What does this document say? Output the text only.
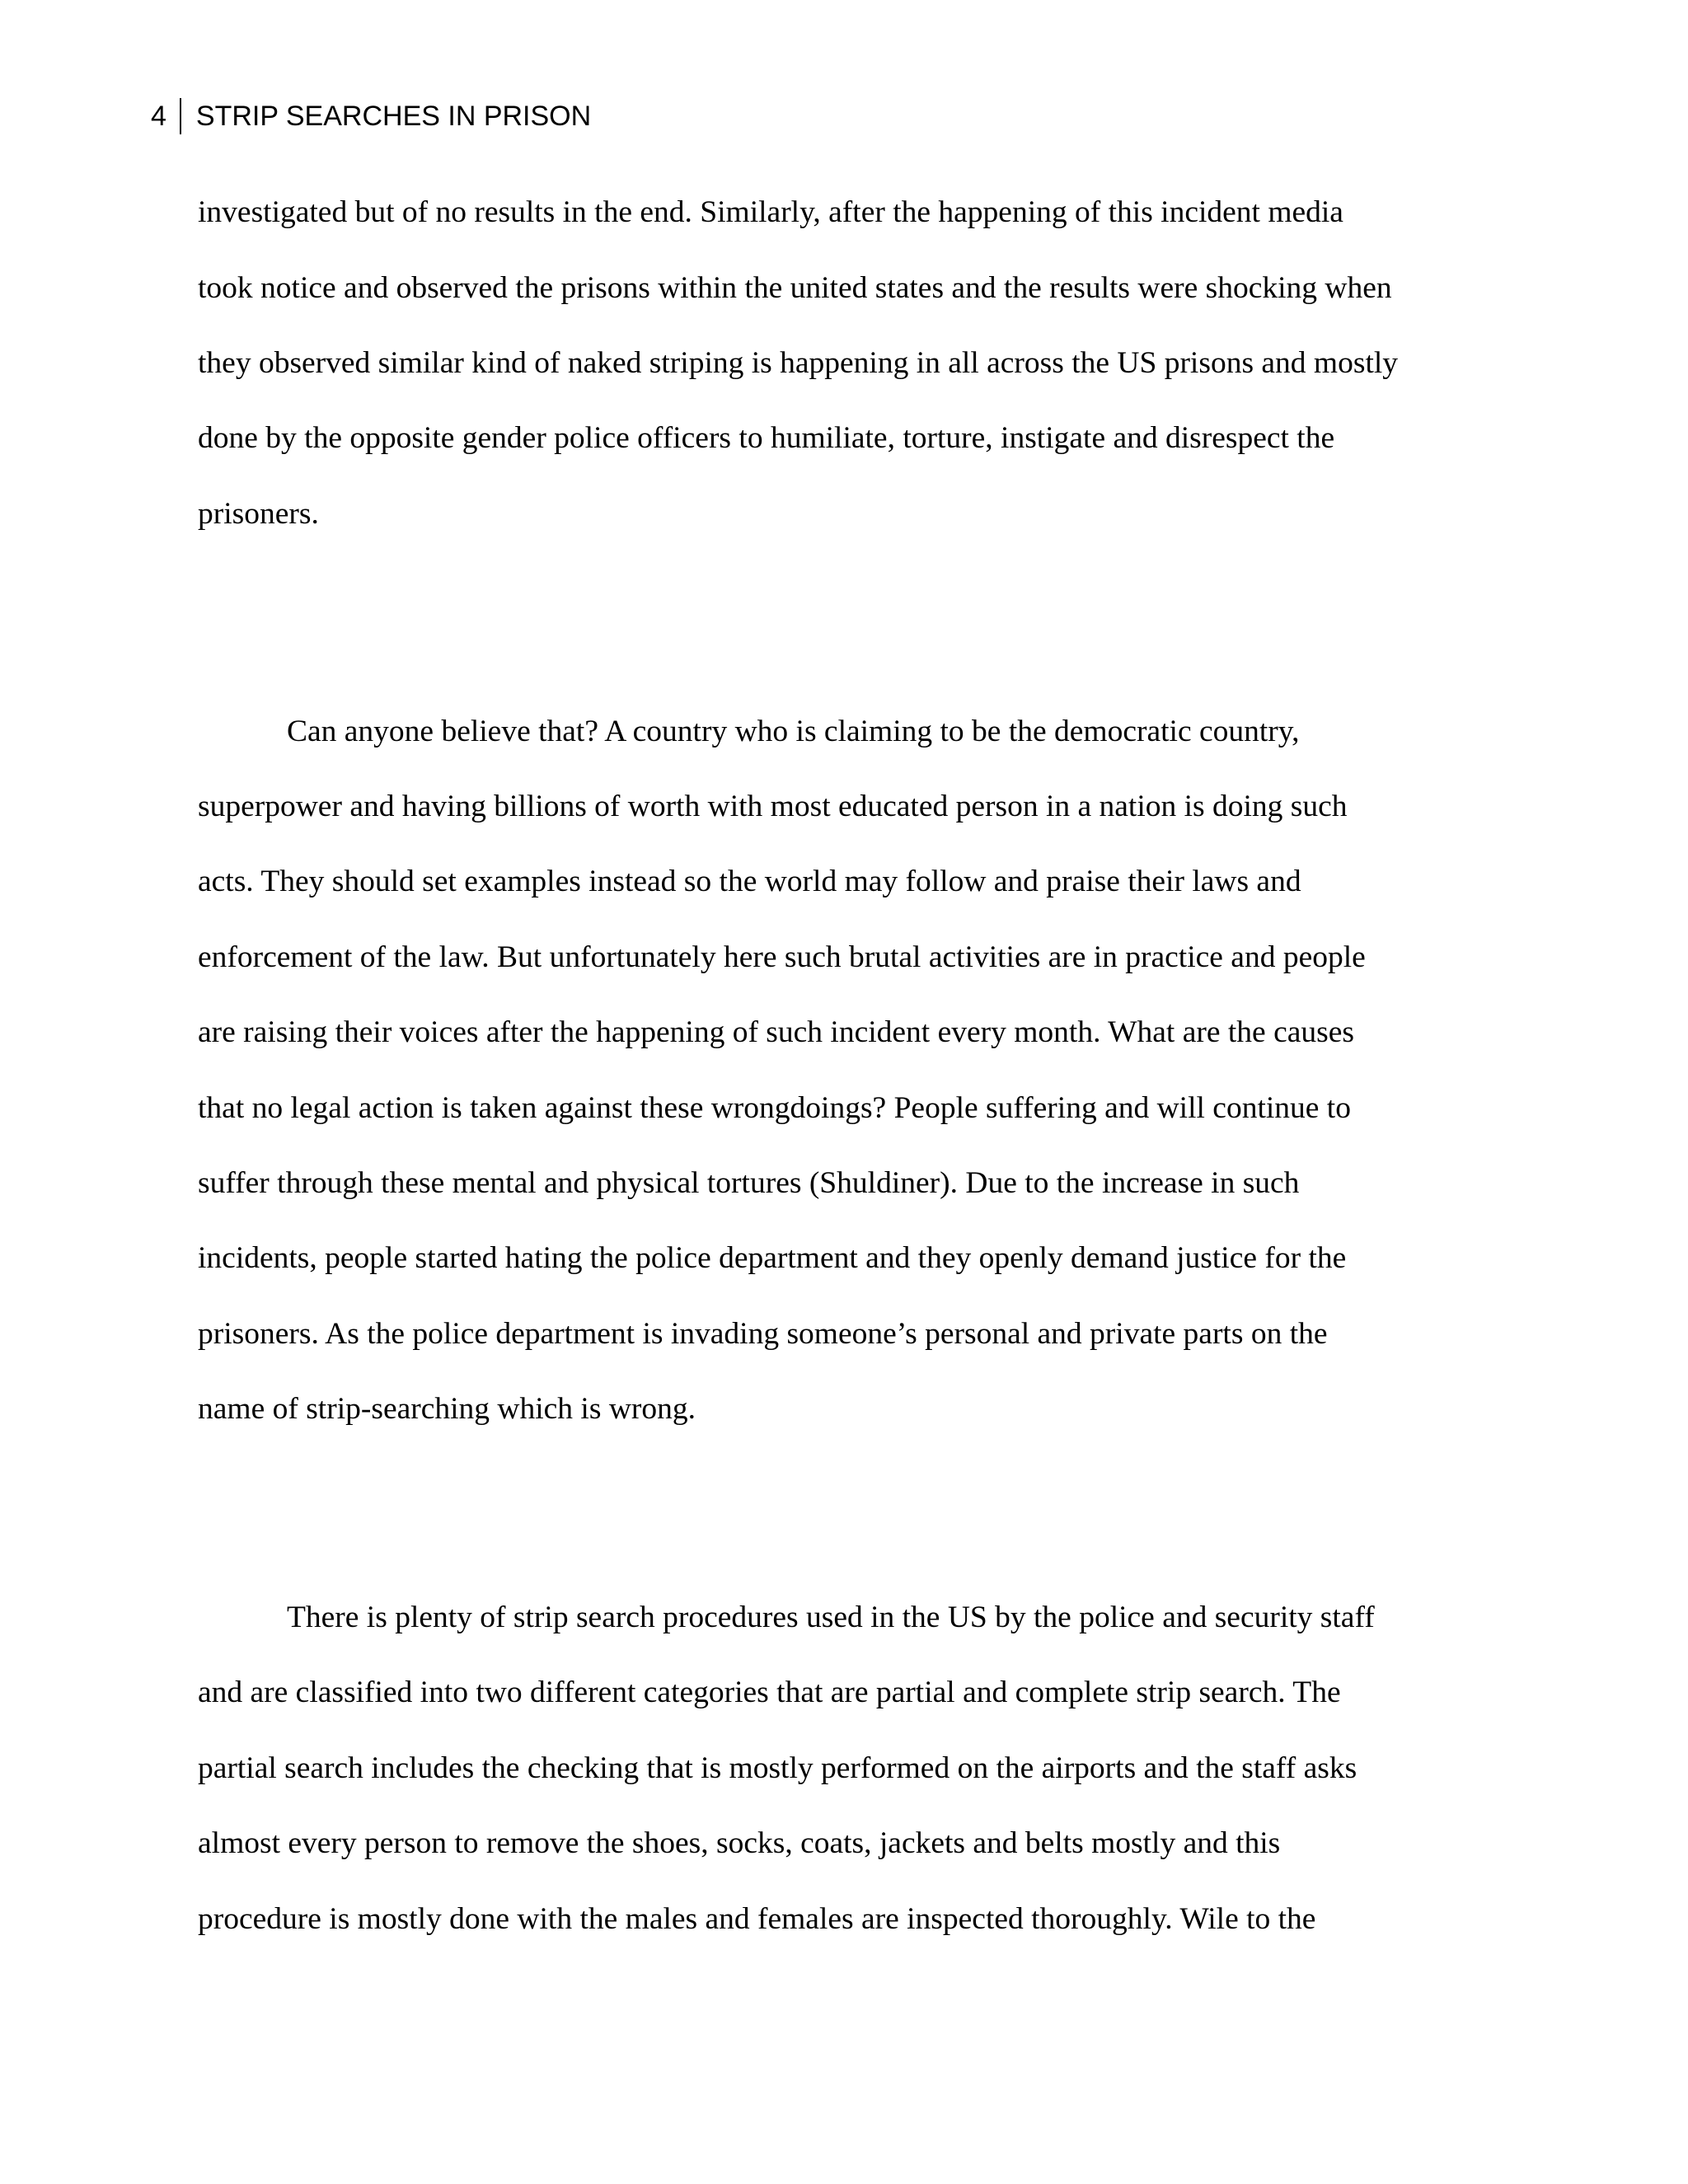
4 STRIP SEARCHES IN PRISON
investigated but of no results in the end. Similarly, after the happening of this incident media
took notice and observed the prisons within the united states and the results were shocking when
they observed similar kind of naked striping is happening in all across the US prisons and mostly
done by the opposite gender police officers to humiliate, torture, instigate and disrespect the
prisoners.
Can anyone believe that? A country who is claiming to be the democratic country,
superpower and having billions of worth with most educated person in a nation is doing such
acts. They should set examples instead so the world may follow and praise their laws and
enforcement of the law. But unfortunately here such brutal activities are in practice and people
are raising their voices after the happening of such incident every month. What are the causes
that no legal action is taken against these wrongdoings? People suffering and will continue to
suffer through these mental and physical tortures (Shuldiner). Due to the increase in such
incidents, people started hating the police department and they openly demand justice for the
prisoners. As the police department is invading someone’s personal and private parts on the
name of strip-searching which is wrong.
There is plenty of strip search procedures used in the US by the police and security staff
and are classified into two different categories that are partial and complete strip search. The
partial search includes the checking that is mostly performed on the airports and the staff asks
almost every person to remove the shoes, socks, coats, jackets and belts mostly and this
procedure is mostly done with the males and females are inspected thoroughly. Wile to the
